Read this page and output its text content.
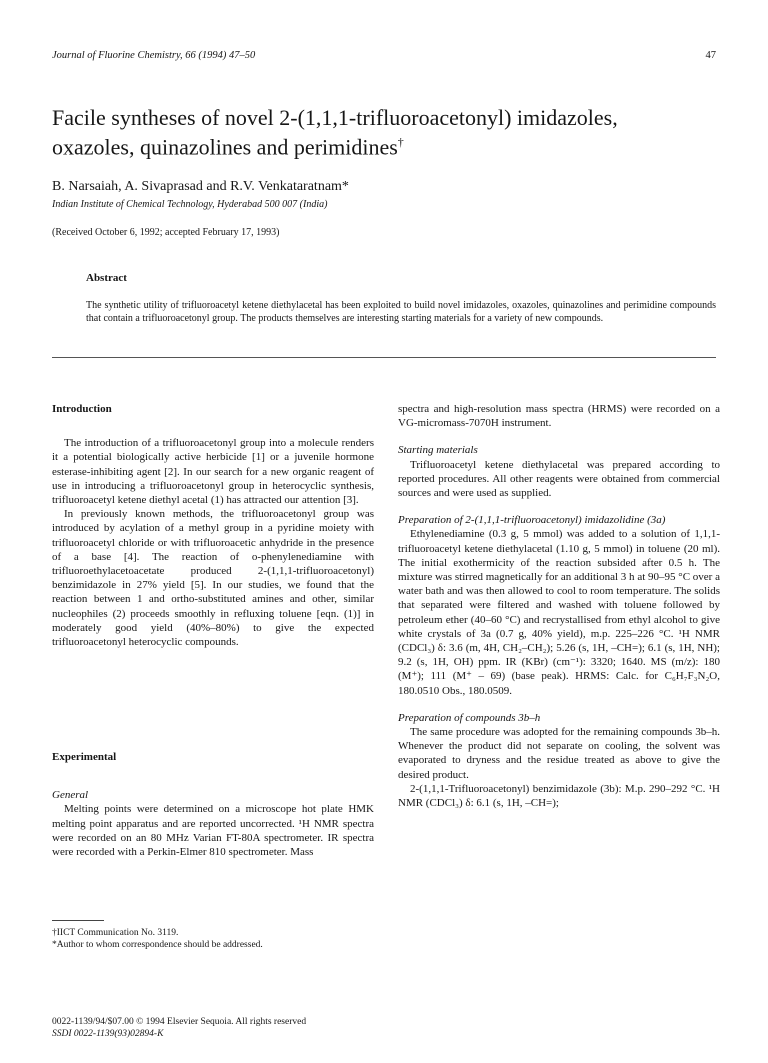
Journal of Fluorine Chemistry, 66 (1994) 47–50	47
Facile syntheses of novel 2-(1,1,1-trifluoroacetonyl) imidazoles,
oxazoles, quinazolines and perimidines†
B. Narsaiah, A. Sivaprasad and R.V. Venkataratnam*
Indian Institute of Chemical Technology, Hyderabad 500 007 (India)
(Received October 6, 1992; accepted February 17, 1993)
Abstract
The synthetic utility of trifluoroacetyl ketene diethylacetal has been exploited to build novel imidazoles, oxazoles, quinazolines and perimidine compounds that contain a trifluoroacetonyl group. The products themselves are interesting starting materials for a variety of new compounds.
Introduction

The introduction of a trifluoroacetonyl group into a molecule renders it a potential biologically active herbicide [1] or a juvenile hormone esterase-inhibiting agent [2]. In our search for a new organic reagent of use in introducing a trifluoroacetonyl group in heterocyclic synthesis, trifluoroacetyl ketene diethyl acetal (1) has attracted our attention [3].

In previously known methods, the trifluoroacetonyl group was introduced by acylation of a methyl group in a pyridine moiety with trifluoroacetyl chloride or with trifluoroacetic anhydride in the presence of a base [4]. The reaction of o-phenylenediamine with trifluoroethylacetoacetate produced 2-(1,1,1-trifluoroacetonyl) benzimidazole in 27% yield [5]. In our studies, we found that the reaction between 1 and ortho-substituted amines and other, similar nucleophiles (2) proceeds smoothly in refluxing toluene [eqn. (1)] in moderately good yield (40%–80%) to give the expected trifluoroacetonyl heterocyclic compounds.

Experimental
General

Melting points were determined on a microscope hot plate HMK melting point apparatus and are reported uncorrected. ¹H NMR spectra were recorded on an 80 MHz Varian FT-80A spectrometer. IR spectra were recorded with a Perkin-Elmer 810 spectrometer. Mass

†IICT Communication No. 3119.
*Author to whom correspondence should be addressed.
0022-1139/94/$07.00 © 1994 Elsevier Sequoia. All rights reserved
SSDI 0022-1139(93)02894-K

spectra and high-resolution mass spectra (HRMS) were recorded on a VG-micromass-7070H instrument.

Starting materials

Trifluoroacetyl ketene diethylacetal was prepared according to reported procedures. All other reagents were obtained from commercial sources and were used as supplied.

Preparation of 2-(1,1,1-trifluoroacetonyl) imidazolidine (3a)

Ethylenediamine (0.3 g, 5 mmol) was added to a solution of 1,1,1-trifluoroacetyl ketene diethylacetal (1.10 g, 5 mmol) in toluene (20 ml). The initial exothermicity of the reaction subsided after 0.5 h. The mixture was stirred magnetically for an additional 3 h at 90–95 °C over a water bath and was then allowed to cool to room temperature. The solids that separated were filtered and washed with toluene followed by petroleum ether (40–60 °C) and recrystallised from ethyl alcohol to give white crystals of 3a (0.7 g, 40% yield), m.p. 225–226 °C. ¹H NMR (CDCl₃) δ: 3.6 (m, 4H, CH₂–CH₂); 5.26 (s, 1H, –CH=); 6.1 (s, 1H, NH); 9.2 (s, 1H, OH) ppm. IR (KBr) (cm⁻¹): 3320; 1640. MS (m/z): 180 (M⁺); 111 (M⁺ – 69) (base peak). HRMS: Calc. for C₆H₇F₃N₂O, 180.0510 Obs., 180.0509.

Preparation of compounds 3b–h

The same procedure was adopted for the remaining compounds 3b–h. Whenever the product did not separate on cooling, the solvent was evaporated to dryness and the residue treated as above to give the desired product.

2-(1,1,1-Trifluoroacetonyl) benzimidazole (3b): M.p. 290–292 °C. ¹H NMR (CDCl₃) δ: 6.1 (s, 1H, –CH=);
